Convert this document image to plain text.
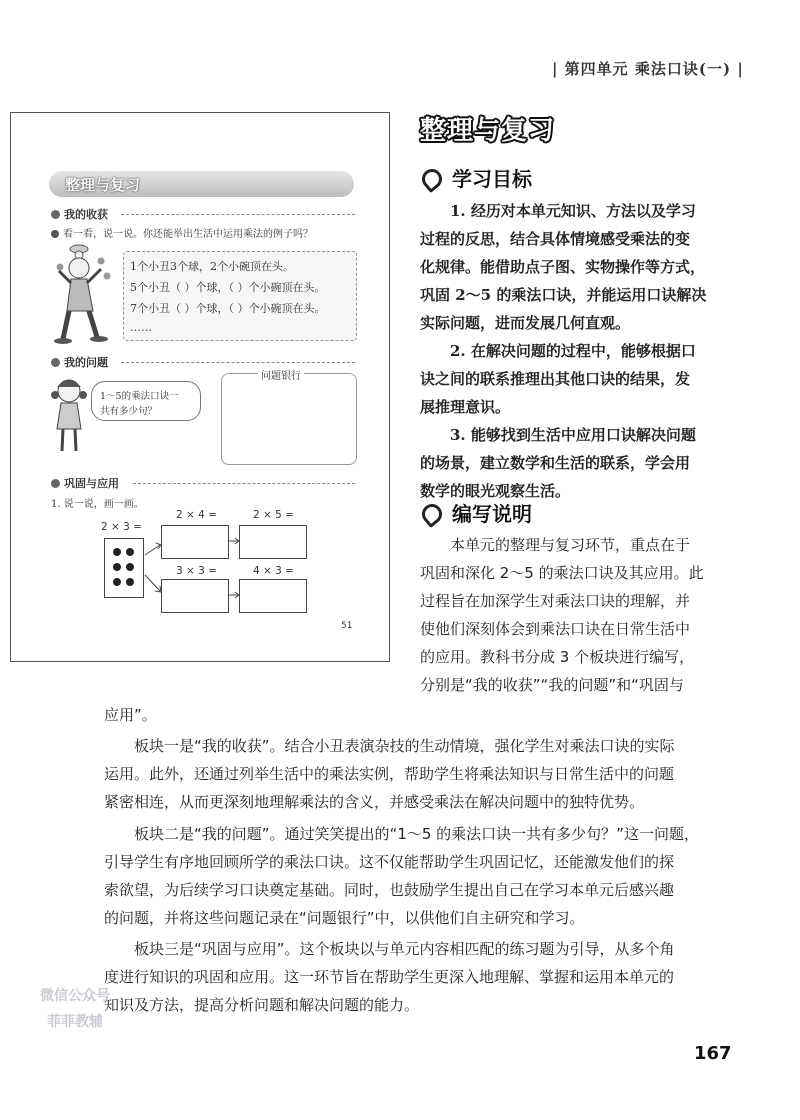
| 第四单元 乘法口诀(一) |
整理与复习
我的收获
看一看，说一说。你还能举出生活中运用乘法的例子吗？
1个小丑3个球，2个小碗顶在头。
5个小丑（ ）个球，（ ）个小碗顶在头。
7个小丑（ ）个球，（ ）个小碗顶在头。
……
我的问题
1～5的乘法口诀一
共有多少句？
问题银行
巩固与应用
1. 说一说，画一画。
2 × 3 =
2 × 4 =	2 × 5 =
3 × 3 =	4 × 3 =
51
整理与复习
学习目标
1. 经历对本单元知识、方法以及学习
过程的反思，结合具体情境感受乘法的变
化规律。能借助点子图、实物操作等方式，
巩固 2～5 的乘法口诀，并能运用口诀解决
实际问题，进而发展几何直观。
2. 在解决问题的过程中，能够根据口
诀之间的联系推理出其他口诀的结果，发
展推理意识。
3. 能够找到生活中应用口诀解决问题
的场景，建立数学和生活的联系，学会用
数学的眼光观察生活。
编写说明
本单元的整理与复习环节，重点在于
巩固和深化 2～5 的乘法口诀及其应用。此
过程旨在加深学生对乘法口诀的理解，并
使他们深刻体会到乘法口诀在日常生活中
的应用。教科书分成 3 个板块进行编写，
分别是“我的收获”“我的问题”和“巩固与
应用”。
板块一是“我的收获”。结合小丑表演杂技的生动情境，强化学生对乘法口诀的实际
运用。此外，还通过列举生活中的乘法实例，帮助学生将乘法知识与日常生活中的问题
紧密相连，从而更深刻地理解乘法的含义，并感受乘法在解决问题中的独特优势。
板块二是“我的问题”。通过笑笑提出的“1～5 的乘法口诀一共有多少句？”这一问题，
引导学生有序地回顾所学的乘法口诀。这不仅能帮助学生巩固记忆，还能激发他们的探
索欲望，为后续学习口诀奠定基础。同时，也鼓励学生提出自己在学习本单元后感兴趣
的问题，并将这些问题记录在“问题银行”中，以供他们自主研究和学习。
板块三是“巩固与应用”。这个板块以与单元内容相匹配的练习题为引导，从多个角
度进行知识的巩固和应用。这一环节旨在帮助学生更深入地理解、掌握和运用本单元的
知识及方法，提高分析问题和解决问题的能力。
微信公众号
菲菲教辅
167
